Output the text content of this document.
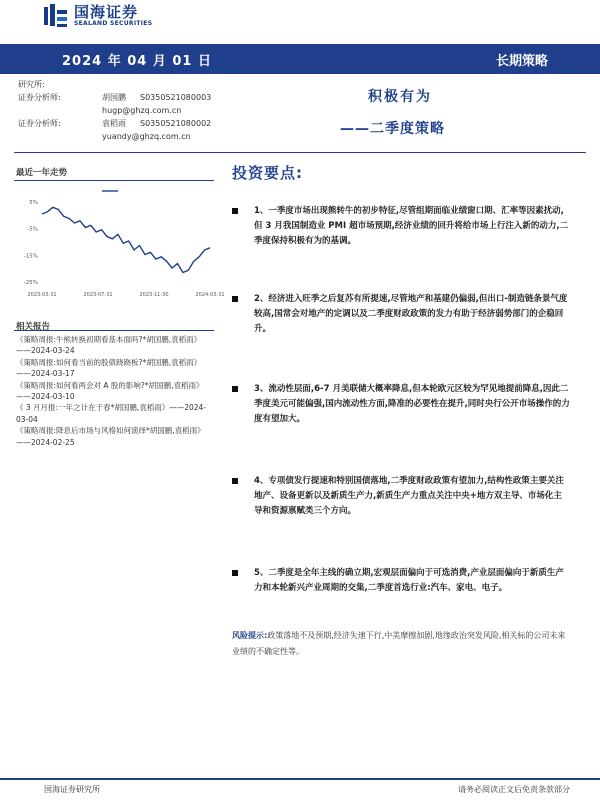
国海证券
SEALAND SECURITIES
2024 年 04 月 01 日	长期策略
研究所:
证券分析师:	胡国鹏 S0350521080003
hugp@ghzq.com.cn
证券分析师:	袁稻雨 S0350521080002
yuandy@ghzq.com.cn
积极有为
——二季度策略
最近一年走势
5%
-5%
-15%
-25%
2023-03-31	2023-07-31	2023-11-30	2024-03-31
相关报告
《策略周报:牛熊转换初期看基本面吗?*胡国鹏,袁稻雨》——2024-03-24
《策略周报:如何看当前的股债跷跷板?*胡国鹏,袁稻雨》——2024-03-17
《策略周报:如何看两会对 A 股的影响?*胡国鹏,袁稻雨》——2024-03-10
《 3 月月报:一年之计在于春*胡国鹏,袁稻雨》——2024-03-04
《策略周报:降息后市场与风格如何演绎*胡国鹏,袁稻雨》——2024-02-25
投资要点:
1、一季度市场出现熊转牛的初步特征,尽管组期面临业绩窗口期、汇率等因素扰动,但 3 月我国制造业 PMI 超市场预期,经济业绩的回升将给市场上行注入新的动力,二季度保持积极有为的基调。
2、经济进入旺季之后复苏有所提速,尽管地产和基建仍偏弱,但出口-制造链条景气度较高,国常会对地产的定调以及二季度财政政策的发力有助于经济弱势部门的企稳回升。
3、流动性层面,6-7 月美联储大概率降息,但本轮欧元区较为罕见地提前降息,因此二季度美元可能偏强,国内流动性方面,降准的必要性在提升,同时央行公开市场操作的力度有望加大。
4、专项债发行提速和特别国债落地,二季度财政政策有望加力,结构性政策主要关注地产、设备更新以及新质生产力,新质生产力重点关注中央+地方双主导、市场化主导和资源禀赋类三个方向。
5、二季度是全年主线的确立期,宏观层面偏向于可选消费,产业层面偏向于新质生产力和本轮新兴产业周期的交集,二季度首选行业:汽车、家电、电子。
风险提示:政策落地不及预期,经济失速下行,中美摩擦加剧,地缘政治突发风险,相关标的公司未来业绩的不确定性等。
国海证券研究所	请务必阅读正文后免责条款部分
